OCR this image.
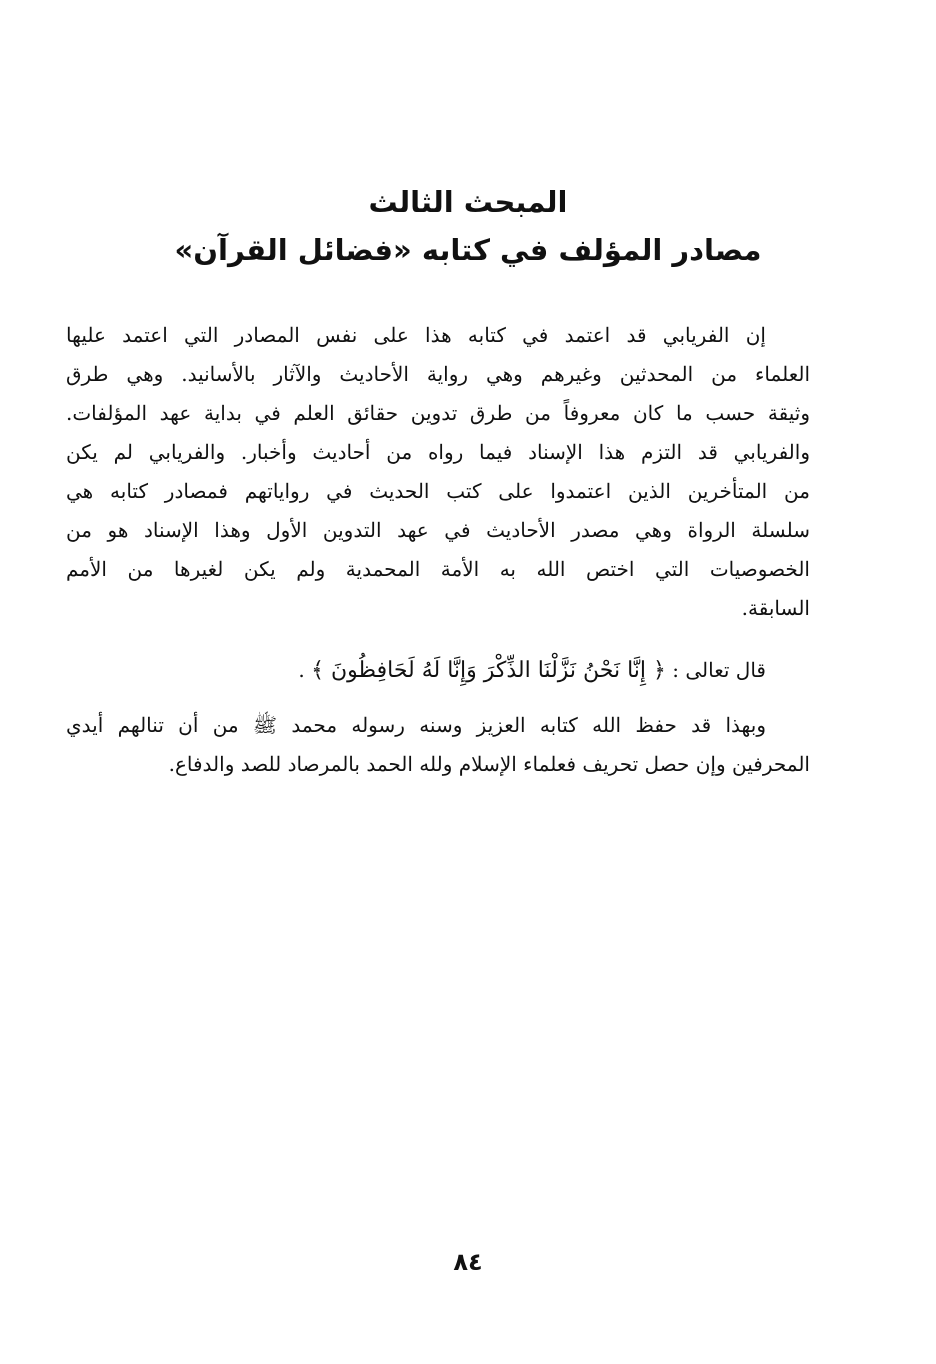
المبحث الثالث

مصادر المؤلف في كتابه «فضائل القرآن»

إن الفريابي قد اعتمد في كتابه هذا على نفس المصادر التي اعتمد عليها
العلماء من المحدثين وغيرهم وهي رواية الأحاديث والآثار بالأسانيد. وهي طرق
وثيقة حسب ما كان معروفاً من طرق تدوين حقائق العلم في بداية عهد المؤلفات.
والفريابي قد التزم هذا الإسناد فيما رواه من أحاديث وأخبار. والفريابي لم يكن
من المتأخرين الذين اعتمدوا على كتب الحديث في رواياتهم فمصادر كتابه هي
سلسلة الرواة وهي مصدر الأحاديث في عهد التدوين الأول وهذا الإسناد هو من
الخصوصيات التي اختص الله به الأمة المحمدية ولم يكن لغيرها من الأمم
السابقة.
قال تعالى : ﴿ إِنَّا نَحْنُ نَزَّلْنَا الذِّكْرَ وَإِنَّا لَهُ لَحَافِظُونَ ﴾ .
وبهذا قد حفظ الله كتابه العزيز وسنه رسوله محمد ﷺ من أن تنالهم أيدي
المحرفين وإن حصل تحريف فعلماء الإسلام ولله الحمد بالمرصاد للصد والدفاع.
٨٤
